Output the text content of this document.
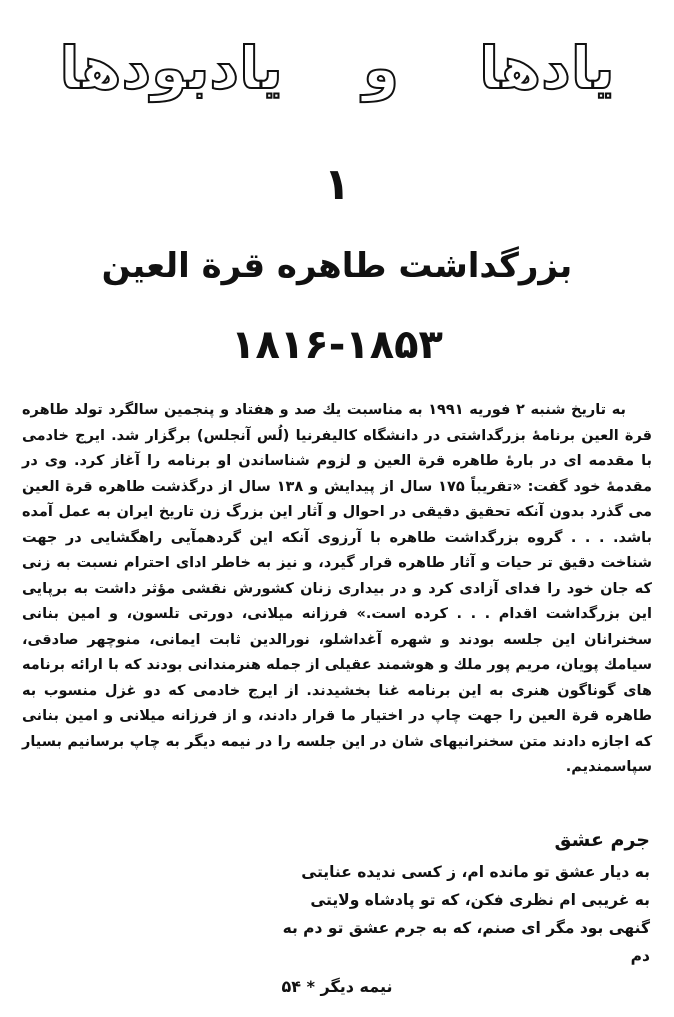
یادها و یادبودها
۱
بزرگداشت طاهره قرة العین
۱۸۱۶-۱۸۵۳

به تاریخ شنبه ۲ فوریه ۱۹۹۱ به مناسبت یك صد و هفتاد و پنجمین سالگرد تولد طاهره قرة العین برنامهٔ بزرگداشتی در دانشگاه کالیفرنیا (لُس آنجلس) برگزار شد. ایرج خادمی با مقدمه ای در بارهٔ طاهره قرة العین و لزوم شناساندن او برنامه را آغاز کرد. وی در مقدمهٔ خود گفت: «تقریباً ۱۷۵ سال از پیدایش و ۱۳۸ سال از درگذشت طاهره قرة العین می گذرد بدون آنکه تحقیق دقیقی در احوال و آثار این بزرگ زن تاریخ ایران به عمل آمده باشد. . . . گروه بزرگداشت طاهره با آرزوی آنکه این گردهمآیی راهگشایی در جهت شناخت دقیق تر حیات و آثار طاهره قرار گیرد، و نیز به خاطر ادای احترام نسبت به زنی که جان خود را فدای آزادی کرد و در بیداری زنان کشورش نقشی مؤثر داشت به برپایی این بزرگداشت اقدام . . . کرده است.» فرزانه میلانی، دورتی تلسون، و امین بنانی سخنرانان این جلسه بودند و شهره آغداشلو، نورالدین ثابت ایمانی، منوچهر صادقی، سیامك پویان، مریم پور ملك و هوشمند عقیلی از جمله هنرمندانی بودند که با ارائه برنامه های گوناگون هنری به این برنامه غنا بخشیدند. از ایرج خادمی که دو غزل منسوب به طاهره قرة العین را جهت چاپ در اختیار ما قرار دادند، و از فرزانه میلانی و امین بنانی که اجازه دادند متن سخنرانیهای شان در این جلسه را در نیمه دیگر به چاپ برسانیم بسیار سپاسمندیم.

جرم عشق
به دیار عشق تو مانده ام، ز کسی ندیده عنایتی
به غریبی ام نظری فکن، که تو پادشاه ولایتی
گنهی بود مگر ای صنم، که به جرم عشق تو دم به دم
نیمه دیگر * ۵۴
